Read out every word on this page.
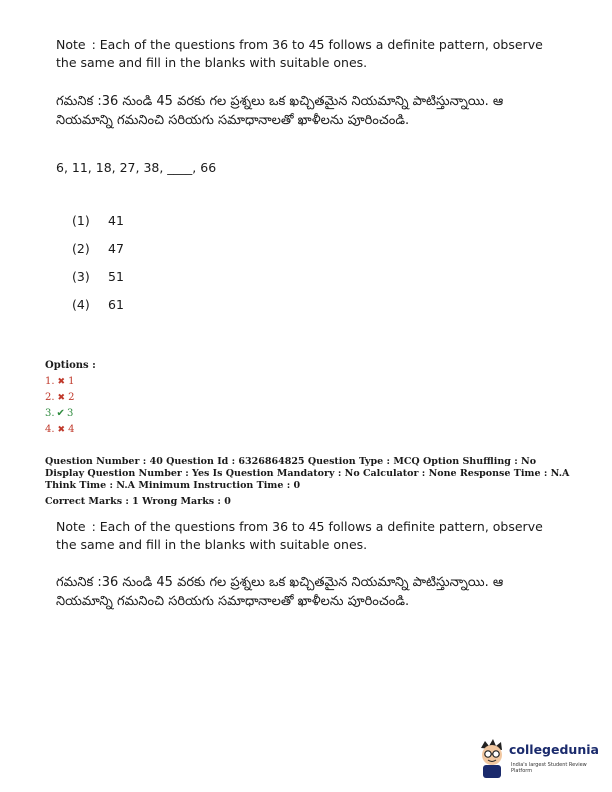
Note : Each of the questions from 36 to 45 follows a definite pattern, observe the same and fill in the blanks with suitable ones.

గమనిక :36 నుండి 45 వరకు గల ప్రశ్నలు ఒక ఖచ్చితమైన నియమాన్ని పాటిస్తున్నాయి. ఆ నియమాన్ని గమనించి సరియగు సమాధానాలతో ఖాళీలను పూరించండి.

6, 11, 18, 27, 38, ____, 66
(1) 41
(2) 47
(3) 51
(4) 61
Options :
1. ✖ 1
2. ✖ 2
3. ✔ 3
4. ✖ 4
Question Number : 40 Question Id : 6326864825 Question Type : MCQ Option Shuffling : No Display Question Number : Yes Is Question Mandatory : No Calculator : None Response Time : N.A Think Time : N.A Minimum Instruction Time : 0
Correct Marks : 1 Wrong Marks : 0

Note : Each of the questions from 36 to 45 follows a definite pattern, observe the same and fill in the blanks with suitable ones.

గమనిక :36 నుండి 45 వరకు గల ప్రశ్నలు ఒక ఖచ్చితమైన నియమాన్ని పాటిస్తున్నాయి. ఆ నియమాన్ని గమనించి సరియగు సమాధానాలతో ఖాళీలను పూరించండి.

collegedunia
India's largest Student Review Platform
